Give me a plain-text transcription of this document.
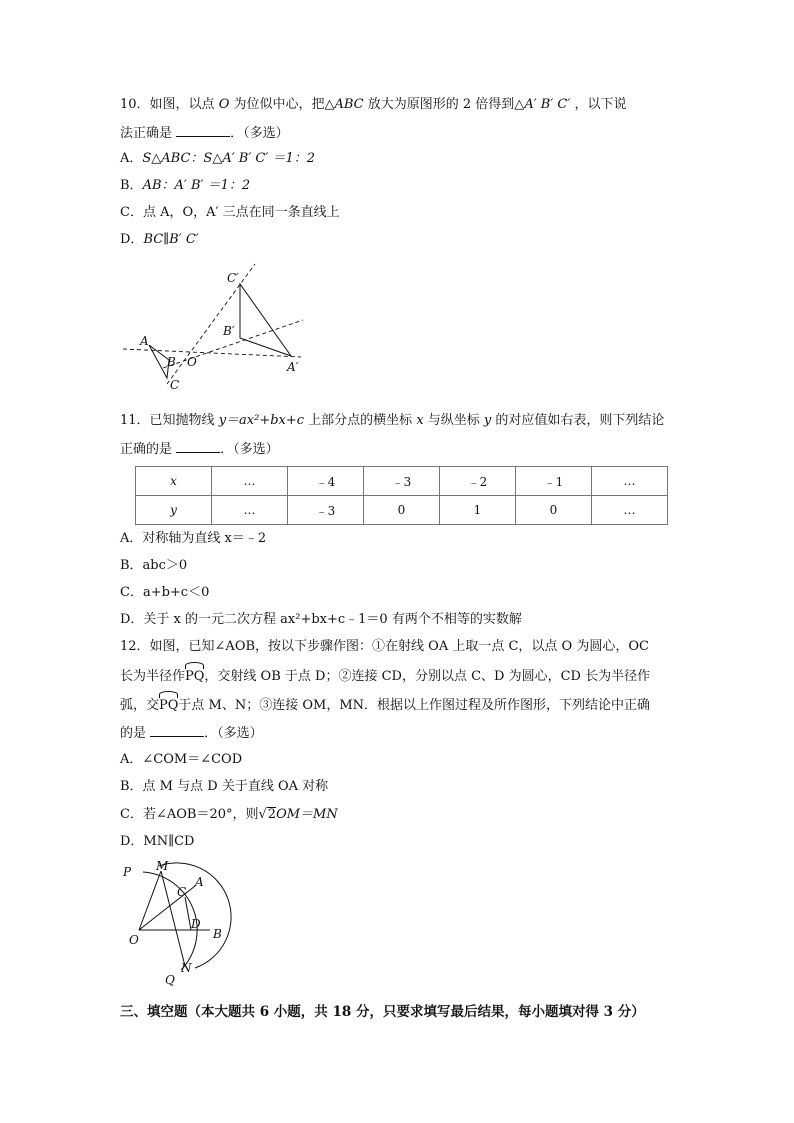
10．如图，以点 O 为位似中心，把△ABC 放大为原图形的 2 倍得到△A′ B′ C′ ，以下说
法正确是	．（多选）
A．S△ABC：S△A′ B′ C′ ＝1：2
B．AB：A′ B′ ＝1：2
C．点 A，O，A′ 三点在同一条直线上
D．BC∥B′ C′
A
B
C
O	A′
B′
C′
11．已知抛物线 y＝ax²+bx+c 上部分点的横坐标 x 与纵坐标 y 的对应值如右表，则下列结论
正确的是	．（多选）
x	…	﹣4	﹣3	﹣2	﹣1	…
y	…	﹣3	0	1	0	…
A．对称轴为直线 x＝﹣2
B．abc＞0
C．a+b+c＜0
D．关于 x 的一元二次方程 ax²+bx+c﹣1＝0 有两个不相等的实数解
12．如图，已知∠AOB，按以下步骤作图：①在射线 OA 上取一点 C，以点 O 为圆心，OC
长为半径作PQ，交射线 OB 于点 D；②连接 CD，分别以点 C、D 为圆心，CD 长为半径作
弧，交PQ于点 M、N；③连接 OM，MN．根据以上作图过程及所作图形，下列结论中正确
的是	．（多选）
A．∠COM＝∠COD
B．点 M 与点 D 关于直线 OA 对称
C．若∠AOB＝20°，则√2OM＝MN
D．MN∥CD
P M
C
A
D
O	B
Q
N
三、填空题（本大题共 6 小题，共 18 分，只要求填写最后结果，每小题填对得 3 分）
